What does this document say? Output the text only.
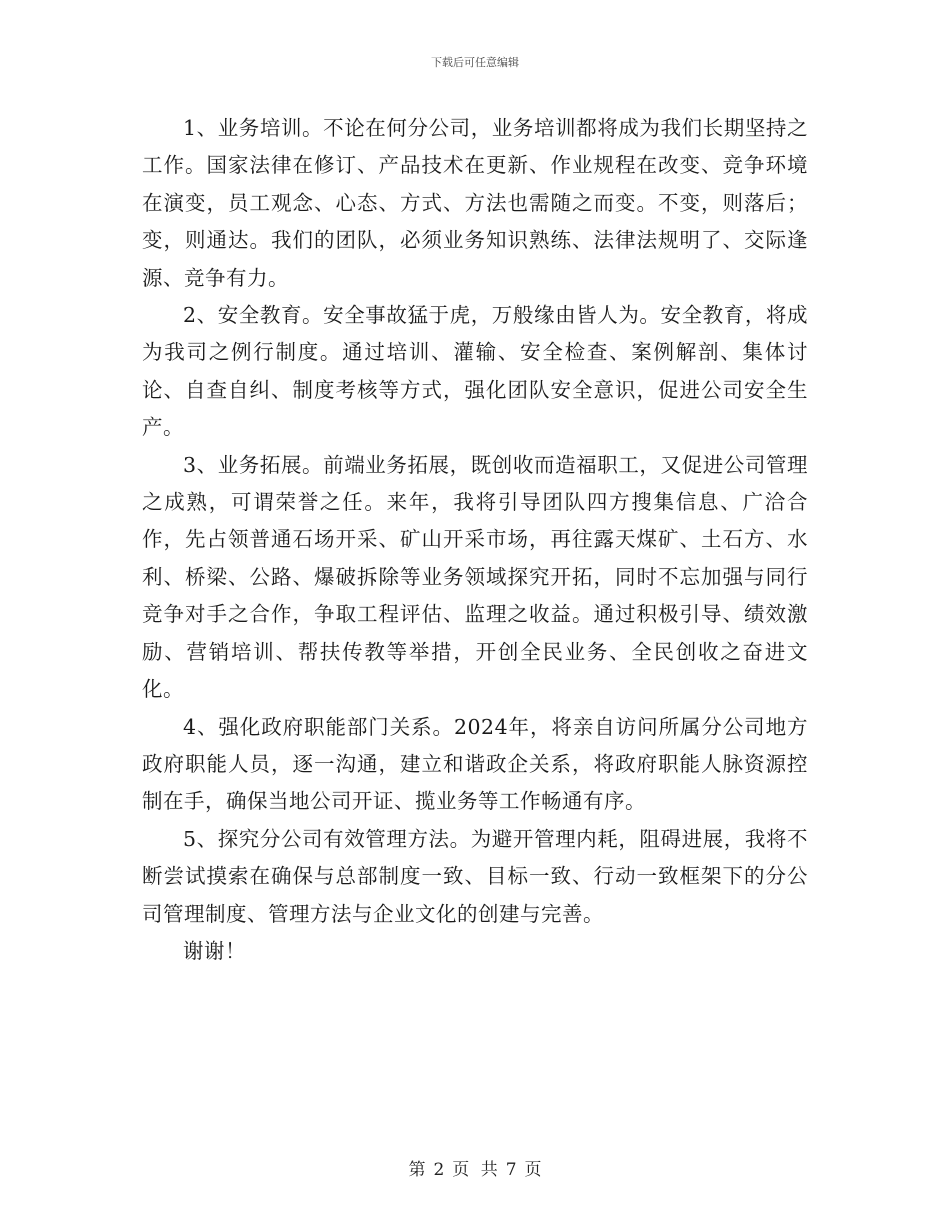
下载后可任意编辑

1、业务培训。不论在何分公司，业务培训都将成为我们长期坚持之工作。国家法律在修订、产品技术在更新、作业规程在改变、竞争环境在演变，员工观念、心态、方式、方法也需随之而变。不变，则落后；变，则通达。我们的团队，必须业务知识熟练、法律法规明了、交际逢源、竞争有力。

2、安全教育。安全事故猛于虎，万般缘由皆人为。安全教育，将成为我司之例行制度。通过培训、灌输、安全检查、案例解剖、集体讨论、自查自纠、制度考核等方式，强化团队安全意识，促进公司安全生产。

3、业务拓展。前端业务拓展，既创收而造福职工，又促进公司管理之成熟，可谓荣誉之任。来年，我将引导团队四方搜集信息、广洽合作，先占领普通石场开采、矿山开采市场，再往露天煤矿、土石方、水利、桥梁、公路、爆破拆除等业务领域探究开拓，同时不忘加强与同行竞争对手之合作，争取工程评估、监理之收益。通过积极引导、绩效激励、营销培训、帮扶传教等举措，开创全民业务、全民创收之奋进文化。

4、强化政府职能部门关系。2024年，将亲自访问所属分公司地方政府职能人员，逐一沟通，建立和谐政企关系，将政府职能人脉资源控制在手，确保当地公司开证、揽业务等工作畅通有序。

5、探究分公司有效管理方法。为避开管理内耗，阻碍进展，我将不断尝试摸索在确保与总部制度一致、目标一致、行动一致框架下的分公司管理制度、管理方法与企业文化的创建与完善。

谢谢！

第 2 页 共 7 页
